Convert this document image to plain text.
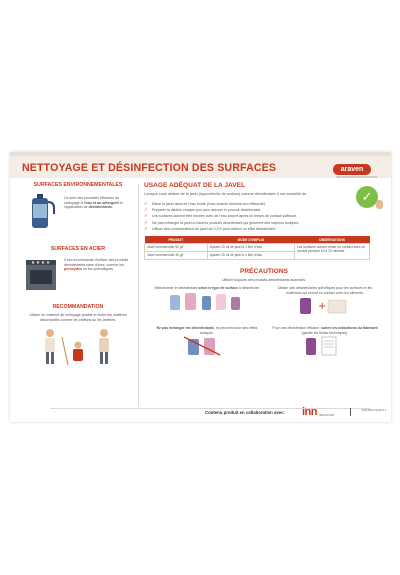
NETTOYAGE ET DÉSINFECTION DES SURFACES	araven
THE ORGANISATION SOLUTIONS
SURFACES ENVIRONNEMENTALES
Ce sont des procédés efficaces de nettoyage à l'eau et au détergent et l'application de désinfectants.
SURFACES EN ACIER
Il est recommandé d'utiliser des produits désinfectants sans chlore, comme les peroxydes ou les phénoliques.
RECOMMANDATION
Utiliser du matériel de nettoyage jetable et éviter les matières absorbantes comme les chiffons ou les lavettes.
USAGE ADÉQUAT DE LA JAVEL
Lorsque vous utilisez de la javel (hypochlorite de sodium) comme désinfectant, il est conseillé de :	✓
✓	Diluer la javel dans de l'eau froide (l'eau chaude diminue son efficacité).
✓	Préparer la dilution chaque jour pour assurer le pouvoir désinfectant.
✓	Les surfaces doivent être rincées avec de l'eau propre après un temps de contact suffisant.
✓	Ne pas mélanger la javel à d'autres produits désinfectant qui génèrent des vapeurs toxiques.
✓	Utiliser des concentrations de javel de 0,1% pour obtenir un effet désinfectant.
PRODUIT	MODE D'EMPLOI	OBSERVATIONS
Javel commerciale 50 g/l	Ajouter 20 ml de javel à 1 litre d'eau	Les surfaces doivent rester en contact avec ce produit pendant 15 à 20 minutes.
Javel commerciale 40 g/l	Ajouter 25 ml de javel à 1 litre d'eau	
PRÉCAUTIONS
Utiliser toujours des produits désinfectants autorisés.
Sélectionner le désinfectant selon le type de surface à désinfecter.	Utiliser des désinfectants spécifiques pour les surfaces et les matériaux qui seront en contact avec les aliments.
+
Ne pas mélanger les désinfectants, ils peuvent avoir des effets toxiques.
Pour une désinfection efficace, suivre les indications du fabricant (garder les fiches techniques).
Contenu produit en collaboration avec: inn INNOVATION
BUILDING QUALITY
